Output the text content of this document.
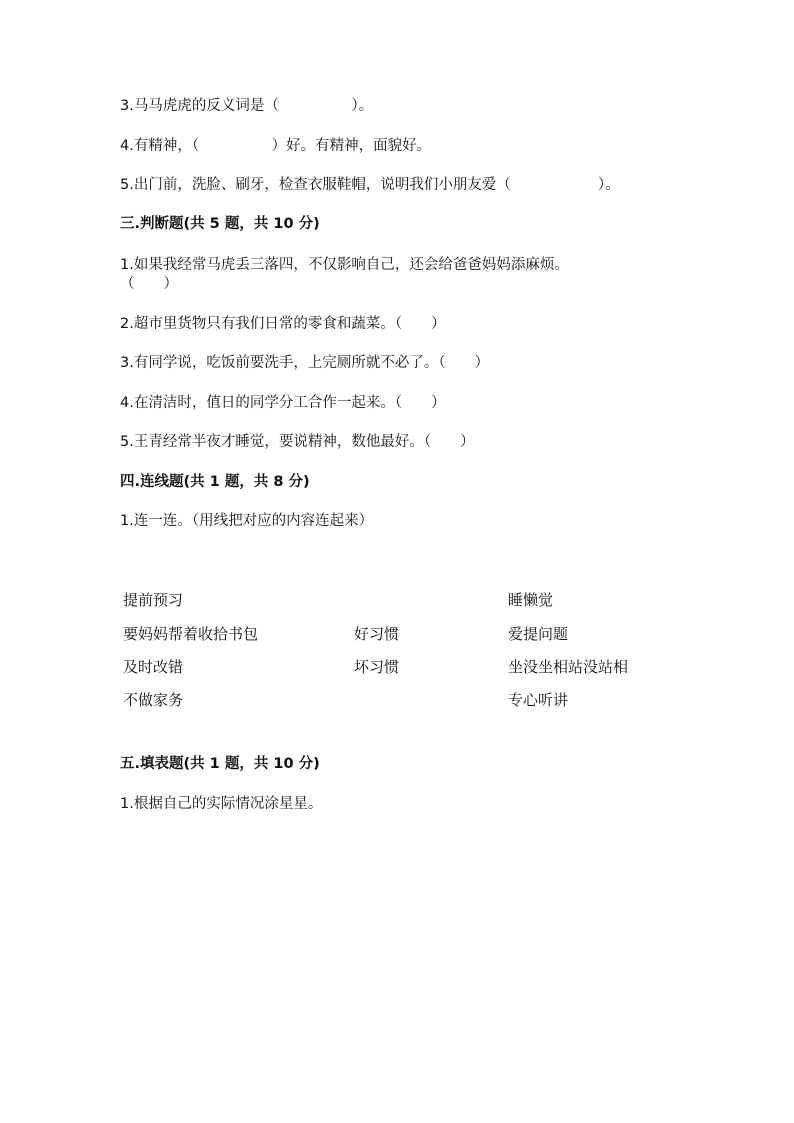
3.马马虎虎的反义词是（　　　　　）。
4.有精神，（　　　　　）好。有精神，面貌好。
5.出门前，洗脸、刷牙，检查衣服鞋帽，说明我们小朋友爱（　　　　　　）。
三.判断题(共 5 题，共 10 分)
1.如果我经常马虎丢三落四，不仅影响自己，还会给爸爸妈妈添麻烦。
（　　）
2.超市里货物只有我们日常的零食和蔬菜。（　　）
3.有同学说，吃饭前要洗手，上完厕所就不必了。（　　）
4.在清洁时，值日的同学分工合作一起来。（　　）
5.王青经常半夜才睡觉，要说精神，数他最好。（　　）
四.连线题(共 1 题，共 8 分)
1.连一连。（用线把对应的内容连起来）
提前预习
要妈妈帮着收拾书包
及时改错
不做家务
好习惯
坏习惯
睡懒觉
爱提问题
坐没坐相站没站相
专心听讲
五.填表题(共 1 题，共 10 分)
1.根据自己的实际情况涂星星。
